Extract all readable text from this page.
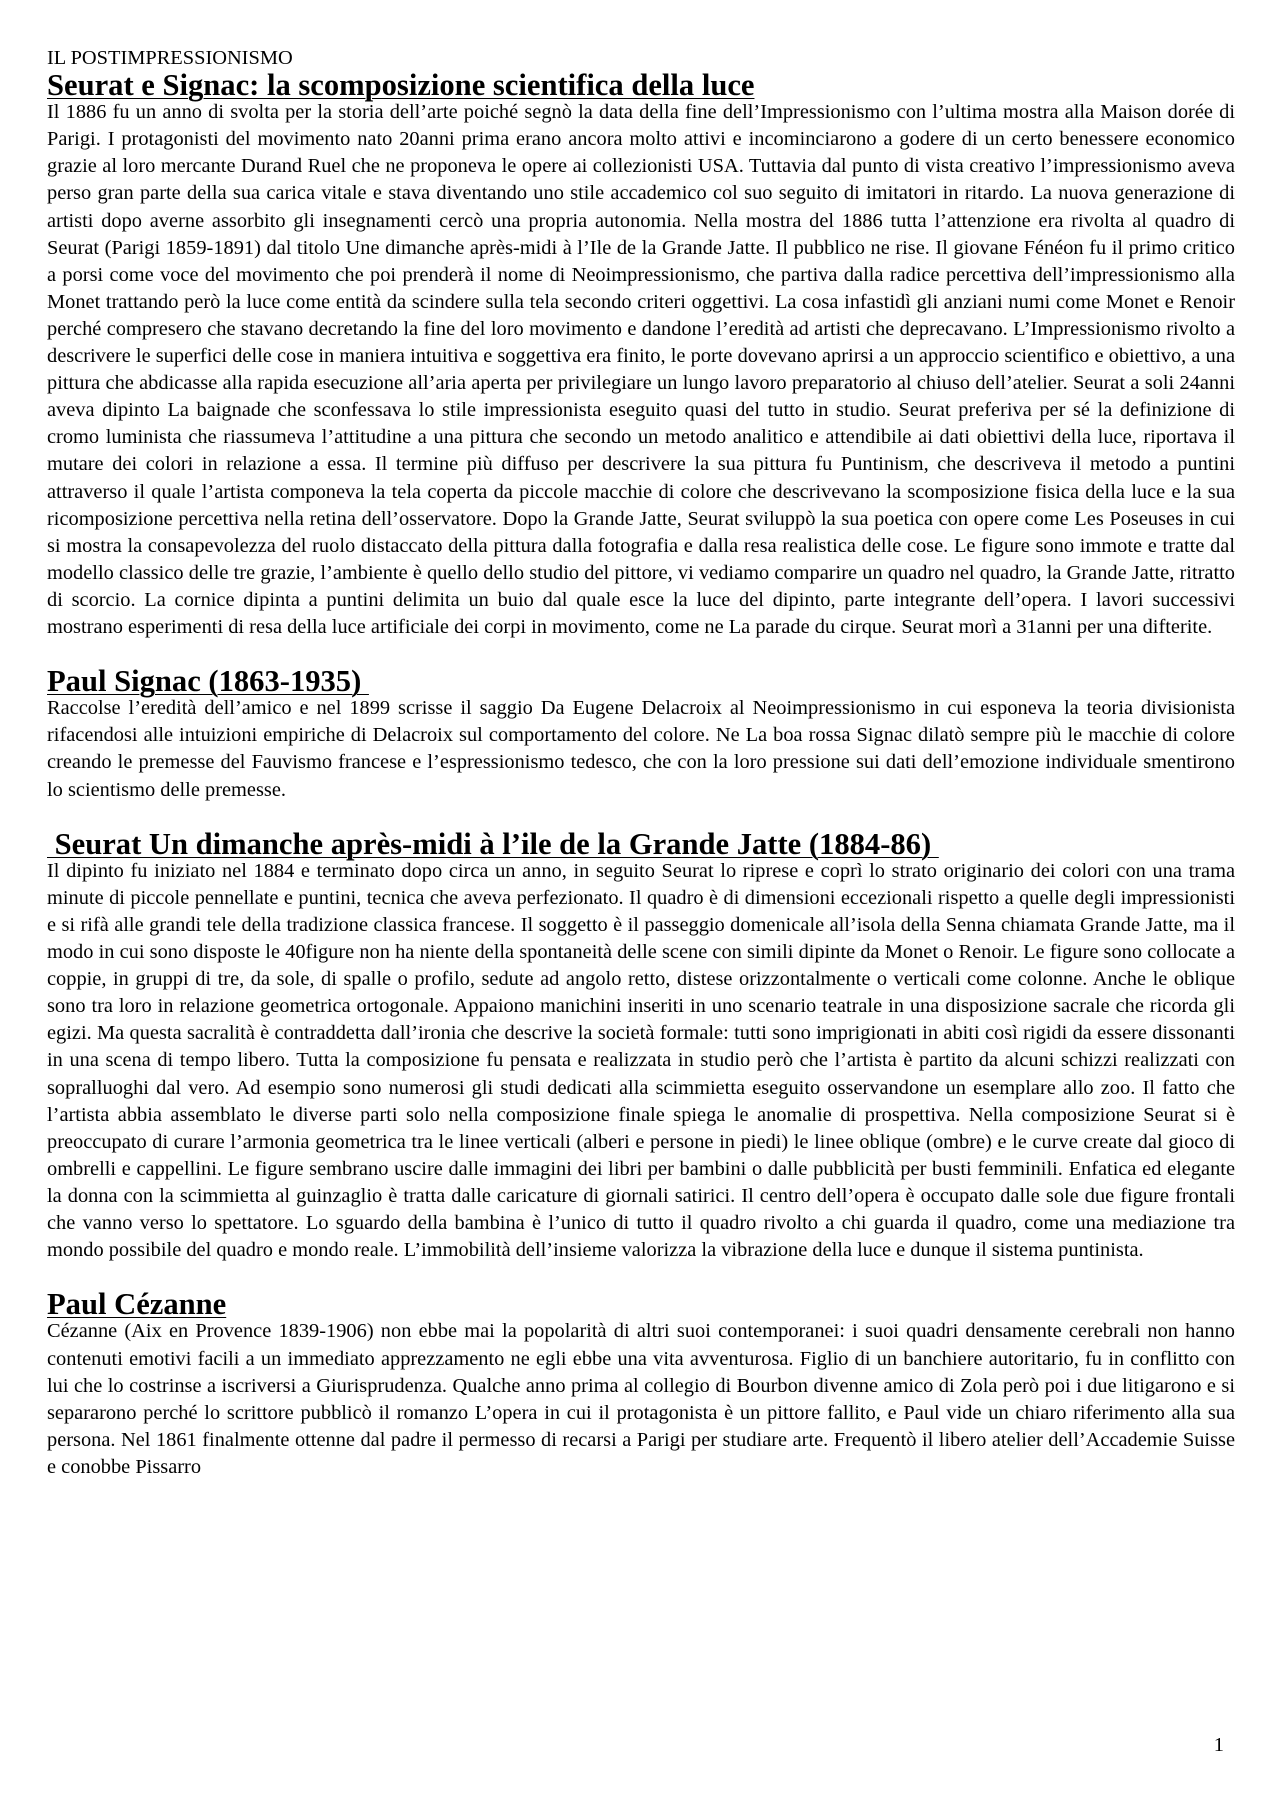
IL POSTIMPRESSIONISMO
Seurat e Signac: la scomposizione scientifica della luce

Il 1886 fu un anno di svolta per la storia dell’arte poiché segnò la data della fine dell’Impressionismo con l’ultima mostra alla Maison dorée di Parigi. I protagonisti del movimento nato 20anni prima erano ancora molto attivi e incominciarono a godere di un certo benessere economico grazie al loro mercante Durand Ruel che ne proponeva le opere ai collezionisti USA. Tuttavia dal punto di vista creativo l’impressionismo aveva perso gran parte della sua carica vitale e stava diventando uno stile accademico col suo seguito di imitatori in ritardo. La nuova generazione di artisti dopo averne assorbito gli insegnamenti cercò una propria autonomia. Nella mostra del 1886 tutta l’attenzione era rivolta al quadro di Seurat (Parigi 1859-1891) dal titolo Une dimanche après-midi à l’Ile de la Grande Jatte. Il pubblico ne rise. Il giovane Fénéon fu il primo critico a porsi come voce del movimento che poi prenderà il nome di Neoimpressionismo, che partiva dalla radice percettiva dell’impressionismo alla Monet trattando però la luce come entità da scindere sulla tela secondo criteri oggettivi. La cosa infastidì gli anziani numi come Monet e Renoir perché compresero che stavano decretando la fine del loro movimento e dandone l’eredità ad artisti che deprecavano. L’Impressionismo rivolto a descrivere le superfici delle cose in maniera intuitiva e soggettiva era finito, le porte dovevano aprirsi a un approccio scientifico e obiettivo, a una pittura che abdicasse alla rapida esecuzione all’aria aperta per privilegiare un lungo lavoro preparatorio al chiuso dell’atelier. Seurat a soli 24anni aveva dipinto La baignade che sconfessava lo stile impressionista eseguito quasi del tutto in studio. Seurat preferiva per sé la definizione di cromo luminista che riassumeva l’attitudine a una pittura che secondo un metodo analitico e attendibile ai dati obiettivi della luce, riportava il mutare dei colori in relazione a essa. Il termine più diffuso per descrivere la sua pittura fu Puntinism, che descriveva il metodo a puntini attraverso il quale l’artista componeva la tela coperta da piccole macchie di colore che descrivevano la scomposizione fisica della luce e la sua ricomposizione percettiva nella retina dell’osservatore. Dopo la Grande Jatte, Seurat sviluppò la sua poetica con opere come Les Poseuses in cui si mostra la consapevolezza del ruolo distaccato della pittura dalla fotografia e dalla resa realistica delle cose. Le figure sono immote e tratte dal modello classico delle tre grazie, l’ambiente è quello dello studio del pittore, vi vediamo comparire un quadro nel quadro, la Grande Jatte, ritratto di scorcio. La cornice dipinta a puntini delimita un buio dal quale esce la luce del dipinto, parte integrante dell’opera. I lavori successivi mostrano esperimenti di resa della luce artificiale dei corpi in movimento, come ne La parade du cirque. Seurat morì a 31anni per una difterite.

Paul Signac (1863-1935)

Raccolse l’eredità dell’amico e nel 1899 scrisse il saggio Da Eugene Delacroix al Neoimpressionismo in cui esponeva la teoria divisionista rifacendosi alle intuizioni empiriche di Delacroix sul comportamento del colore. Ne La boa rossa Signac dilatò sempre più le macchie di colore creando le premesse del Fauvismo francese e l’espressionismo tedesco, che con la loro pressione sui dati dell’emozione individuale smentirono lo scientismo delle premesse.

Seurat Un dimanche après-midi à l’ile de la Grande Jatte (1884-86)

Il dipinto fu iniziato nel 1884 e terminato dopo circa un anno, in seguito Seurat lo riprese e coprì lo strato originario dei colori con una trama minute di piccole pennellate e puntini, tecnica che aveva perfezionato. Il quadro è di dimensioni eccezionali rispetto a quelle degli impressionisti e si rifà alle grandi tele della tradizione classica francese. Il soggetto è il passeggio domenicale all’isola della Senna chiamata Grande Jatte, ma il modo in cui sono disposte le 40figure non ha niente della spontaneità delle scene con simili dipinte da Monet o Renoir. Le figure sono collocate a coppie, in gruppi di tre, da sole, di spalle o profilo, sedute ad angolo retto, distese orizzontalmente o verticali come colonne. Anche le oblique sono tra loro in relazione geometrica ortogonale. Appaiono manichini inseriti in uno scenario teatrale in una disposizione sacrale che ricorda gli egizi. Ma questa sacralità è contraddetta dall’ironia che descrive la società formale: tutti sono imprigionati in abiti così rigidi da essere dissonanti in una scena di tempo libero. Tutta la composizione fu pensata e realizzata in studio però che l’artista è partito da alcuni schizzi realizzati con sopralluoghi dal vero. Ad esempio sono numerosi gli studi dedicati alla scimmietta eseguito osservandone un esemplare allo zoo. Il fatto che l’artista abbia assemblato le diverse parti solo nella composizione finale spiega le anomalie di prospettiva. Nella composizione Seurat si è preoccupato di curare l’armonia geometrica tra le linee verticali (alberi e persone in piedi) le linee oblique (ombre) e le curve create dal gioco di ombrelli e cappellini. Le figure sembrano uscire dalle immagini dei libri per bambini o dalle pubblicità per busti femminili. Enfatica ed elegante la donna con la scimmietta al guinzaglio è tratta dalle caricature di giornali satirici. Il centro dell’opera è occupato dalle sole due figure frontali che vanno verso lo spettatore. Lo sguardo della bambina è l’unico di tutto il quadro rivolto a chi guarda il quadro, come una mediazione tra mondo possibile del quadro e mondo reale. L’immobilità dell’insieme valorizza la vibrazione della luce e dunque il sistema puntinista.

Paul Cézanne

Cézanne (Aix en Provence 1839-1906) non ebbe mai la popolarità di altri suoi contemporanei: i suoi quadri densamente cerebrali non hanno contenuti emotivi facili a un immediato apprezzamento ne egli ebbe una vita avventurosa. Figlio di un banchiere autoritario, fu in conflitto con lui che lo costrinse a iscriversi a Giurisprudenza. Qualche anno prima al collegio di Bourbon divenne amico di Zola però poi i due litigarono e si separarono perché lo scrittore pubblicò il romanzo L’opera in cui il protagonista è un pittore fallito, e Paul vide un chiaro riferimento alla sua persona. Nel 1861 finalmente ottenne dal padre il permesso di recarsi a Parigi per studiare arte. Frequentò il libero atelier dell’Accademie Suisse e conobbe Pissarro

1
